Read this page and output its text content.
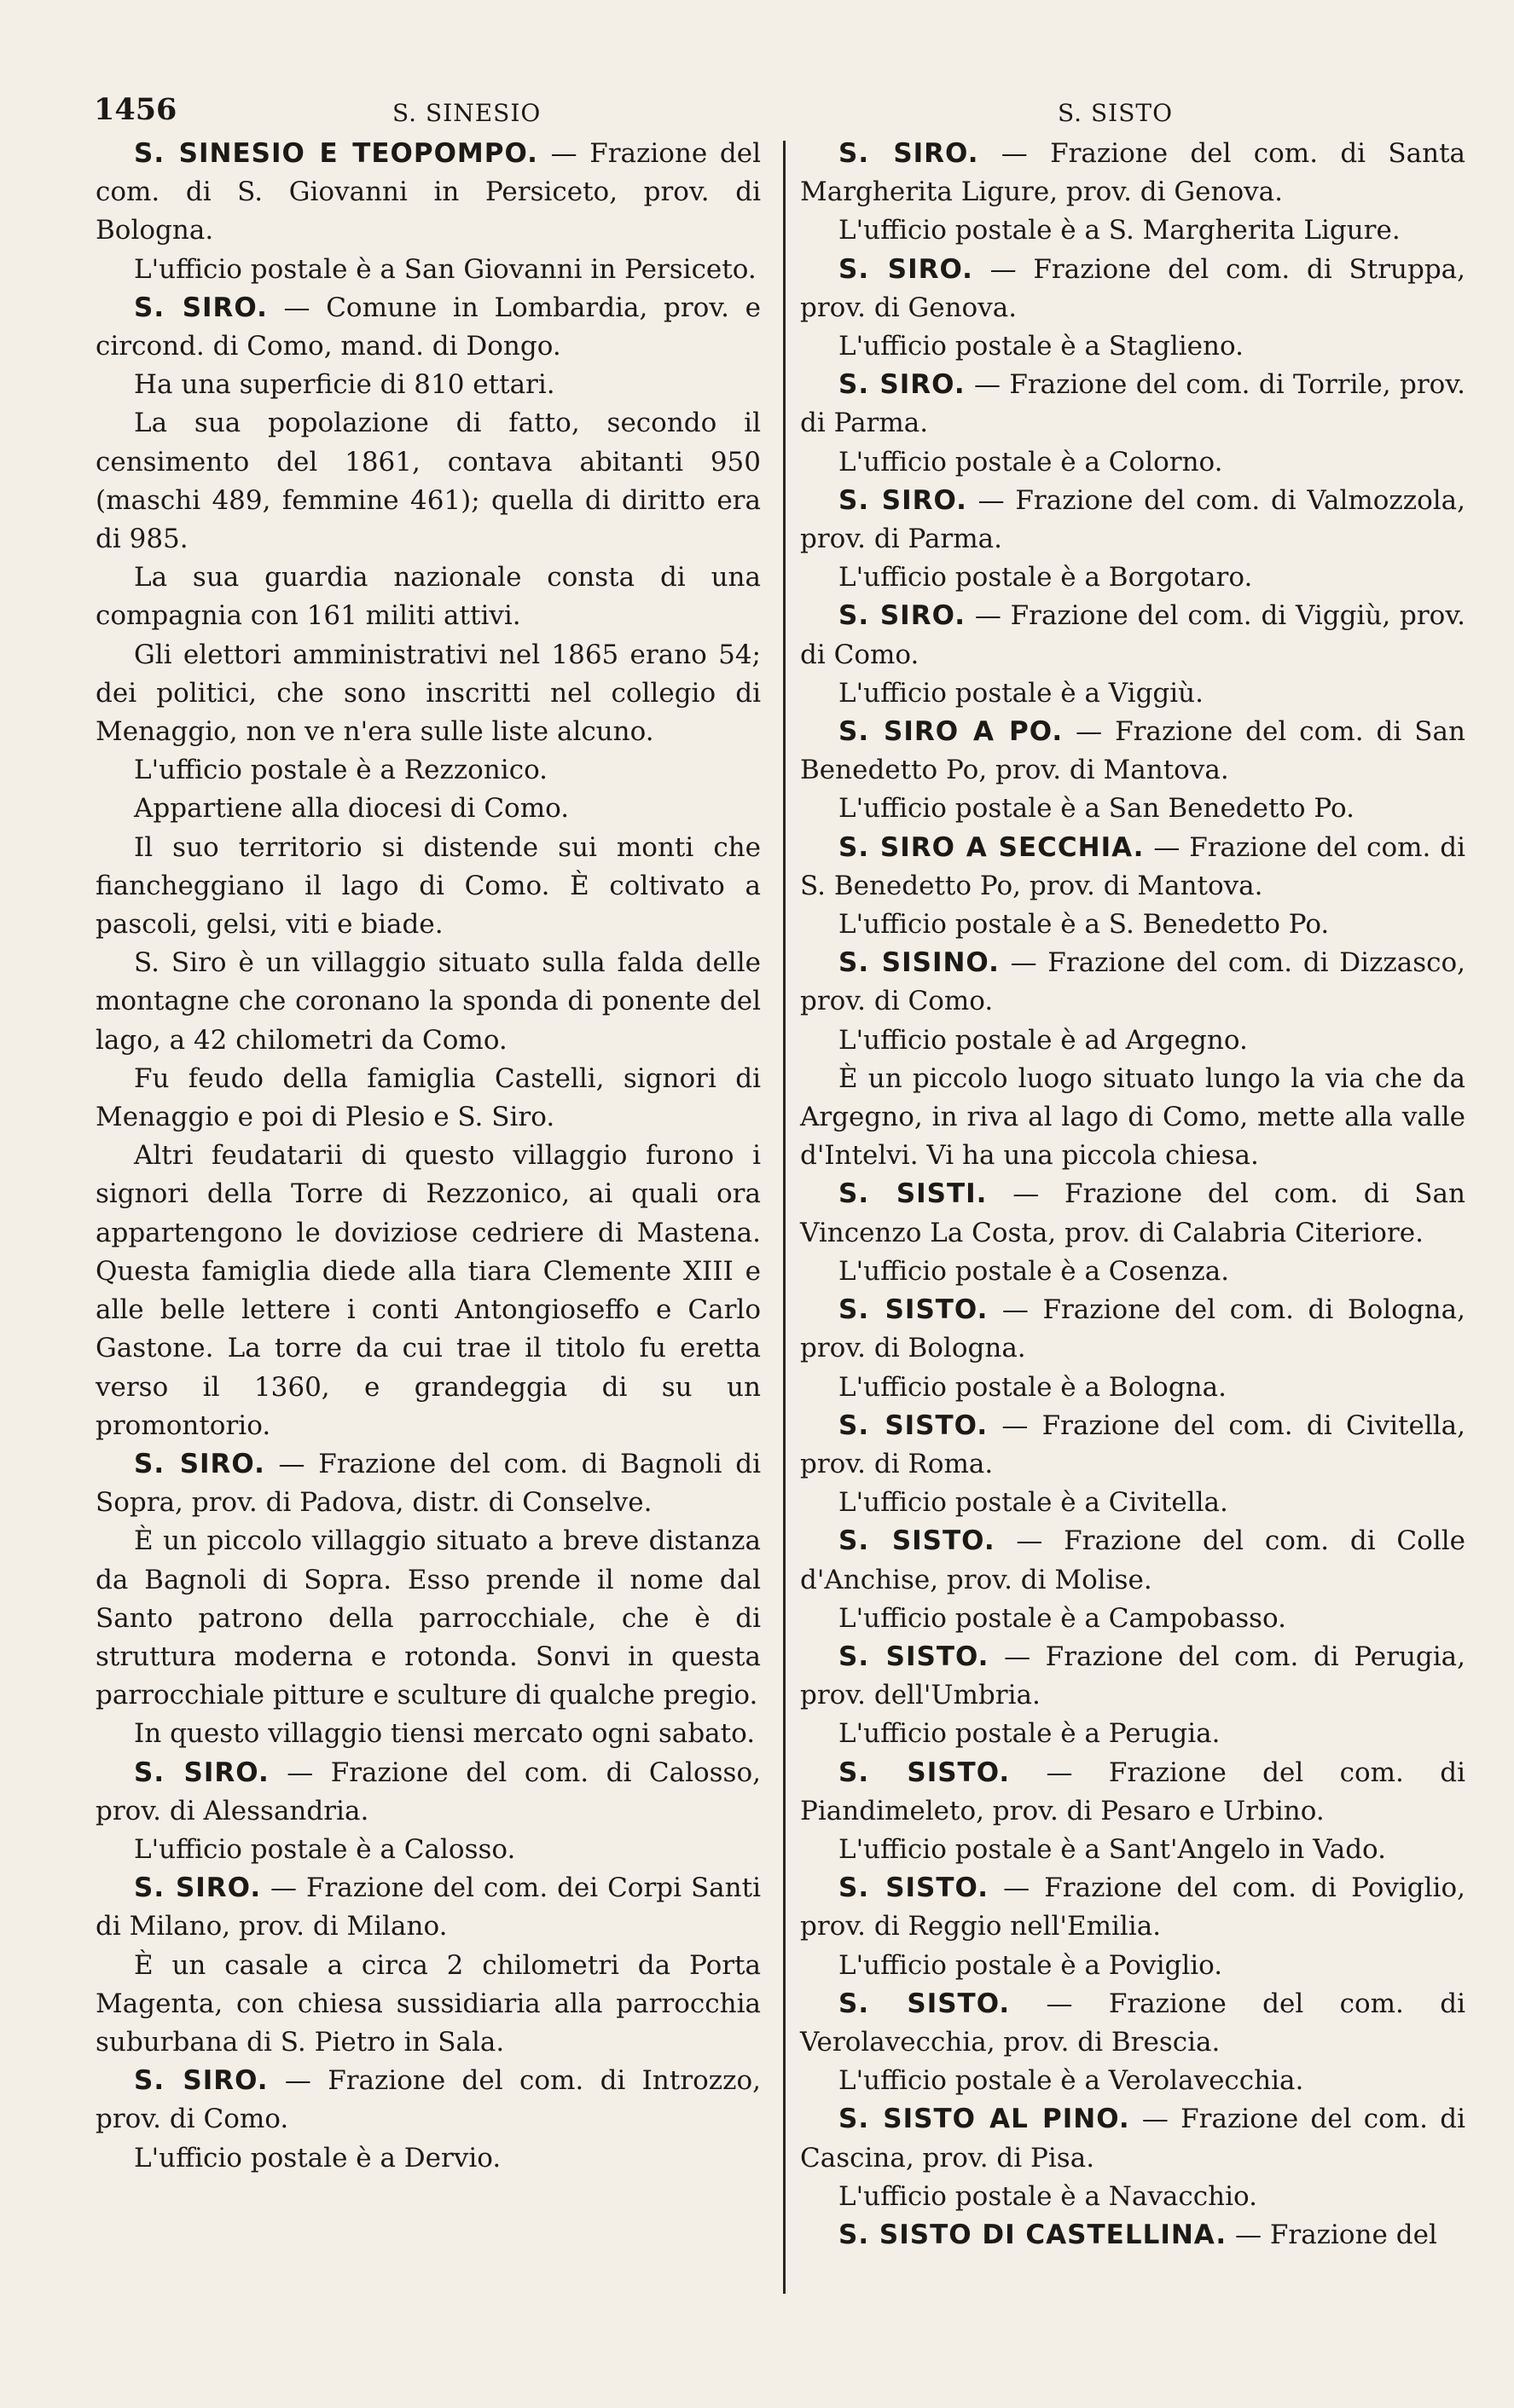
1456	S. SINESIO	S. SISTO

S. SINESIO E TEOPOMPO. — Frazione del com. di S. Giovanni in Persiceto, prov. di Bologna.

L'ufficio postale è a San Giovanni in Persiceto.

S. SIRO. — Comune in Lombardia, prov. e circond. di Como, mand. di Dongo.

Ha una superficie di 810 ettari.

La sua popolazione di fatto, secondo il censimento del 1861, contava abitanti 950 (maschi 489, femmine 461); quella di diritto era di 985.

La sua guardia nazionale consta di una compagnia con 161 militi attivi.

Gli elettori amministrativi nel 1865 erano 54; dei politici, che sono inscritti nel collegio di Menaggio, non ve n'era sulle liste alcuno.

L'ufficio postale è a Rezzonico.

Appartiene alla diocesi di Como.

Il suo territorio si distende sui monti che fiancheggiano il lago di Como. È coltivato a pascoli, gelsi, viti e biade.

S. Siro è un villaggio situato sulla falda delle montagne che coronano la sponda di ponente del lago, a 42 chilometri da Como.

Fu feudo della famiglia Castelli, signori di Menaggio e poi di Plesio e S. Siro.

Altri feudatarii di questo villaggio furono i signori della Torre di Rezzonico, ai quali ora appartengono le doviziose cedriere di Mastena. Questa famiglia diede alla tiara Clemente XIII e alle belle lettere i conti Antongioseffo e Carlo Gastone. La torre da cui trae il titolo fu eretta verso il 1360, e grandeggia di su un promontorio.

S. SIRO. — Frazione del com. di Bagnoli di Sopra, prov. di Padova, distr. di Conselve.

È un piccolo villaggio situato a breve distanza da Bagnoli di Sopra. Esso prende il nome dal Santo patrono della parrocchiale, che è di struttura moderna e rotonda. Sonvi in questa parrocchiale pitture e sculture di qualche pregio.

In questo villaggio tiensi mercato ogni sabato.

S. SIRO. — Frazione del com. di Calosso, prov. di Alessandria.

L'ufficio postale è a Calosso.

S. SIRO. — Frazione del com. dei Corpi Santi di Milano, prov. di Milano.

È un casale a circa 2 chilometri da Porta Magenta, con chiesa sussidiaria alla parrocchia suburbana di S. Pietro in Sala.

S. SIRO. — Frazione del com. di Introzzo, prov. di Como.

L'ufficio postale è a Dervio.

S. SIRO. — Frazione del com. di Santa Margherita Ligure, prov. di Genova.

L'ufficio postale è a S. Margherita Ligure.

S. SIRO. — Frazione del com. di Struppa, prov. di Genova.

L'ufficio postale è a Staglieno.

S. SIRO. — Frazione del com. di Torrile, prov. di Parma.

L'ufficio postale è a Colorno.

S. SIRO. — Frazione del com. di Valmozzola, prov. di Parma.

L'ufficio postale è a Borgotaro.

S. SIRO. — Frazione del com. di Viggiù, prov. di Como.

L'ufficio postale è a Viggiù.

S. SIRO A PO. — Frazione del com. di San Benedetto Po, prov. di Mantova.

L'ufficio postale è a San Benedetto Po.

S. SIRO A SECCHIA. — Frazione del com. di S. Benedetto Po, prov. di Mantova.

L'ufficio postale è a S. Benedetto Po.

S. SISINO. — Frazione del com. di Dizzasco, prov. di Como.

L'ufficio postale è ad Argegno.

È un piccolo luogo situato lungo la via che da Argegno, in riva al lago di Como, mette alla valle d'Intelvi. Vi ha una piccola chiesa.

S. SISTI. — Frazione del com. di San Vincenzo La Costa, prov. di Calabria Citeriore.

L'ufficio postale è a Cosenza.

S. SISTO. — Frazione del com. di Bologna, prov. di Bologna.

L'ufficio postale è a Bologna.

S. SISTO. — Frazione del com. di Civitella, prov. di Roma.

L'ufficio postale è a Civitella.

S. SISTO. — Frazione del com. di Colle d'Anchise, prov. di Molise.

L'ufficio postale è a Campobasso.

S. SISTO. — Frazione del com. di Perugia, prov. dell'Umbria.

L'ufficio postale è a Perugia.

S. SISTO. — Frazione del com. di Piandimeleto, prov. di Pesaro e Urbino.

L'ufficio postale è a Sant'Angelo in Vado.

S. SISTO. — Frazione del com. di Poviglio, prov. di Reggio nell'Emilia.

L'ufficio postale è a Poviglio.

S. SISTO. — Frazione del com. di Verolavecchia, prov. di Brescia.

L'ufficio postale è a Verolavecchia.

S. SISTO AL PINO. — Frazione del com. di Cascina, prov. di Pisa.

L'ufficio postale è a Navacchio.

S. SISTO DI CASTELLINA. — Frazione del
